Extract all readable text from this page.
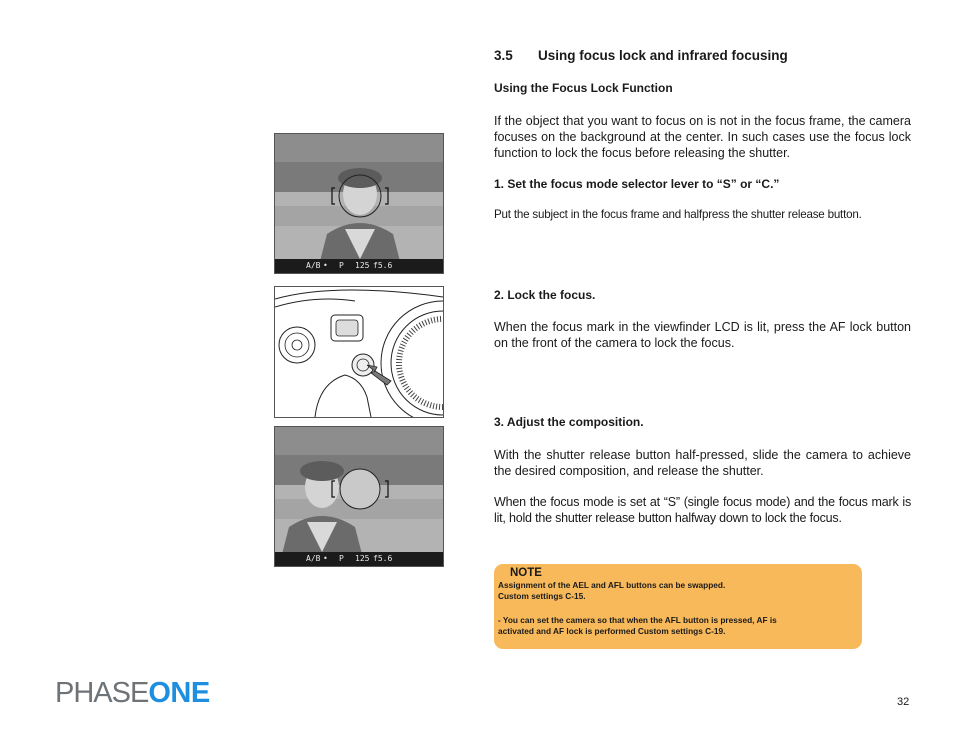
3.5 Using focus lock and infrared focusing
Using the Focus Lock Function
If the object that you want to focus on is not in the focus frame, the camera focuses on the background at the center. In such cases use the focus lock function to lock the focus before releasing the shutter.
1. Set the focus mode selector lever to “S” or “C.”
Put the subject in the focus frame and halfpress the shutter release button.
2. Lock the focus.
When the focus mark in the viewfinder LCD is lit, press the AF lock button on the front of the camera to lock the focus.
3. Adjust the composition.
With the shutter release button half-pressed, slide the camera to achieve the desired composition, and release the shutter.
When the focus mode is set at “S” (single focus mode) and the focus mark is lit, hold the shutter release button halfway down to lock the focus.
A/B • P 125 f5.6
A/B • P 125 f5.6
NOTE
Assignment of the AEL and AFL buttons can be swapped.
Custom settings C-15.
- You can set the camera so that when the AFL button is pressed, AF is
activated and AF lock is performed Custom settings C-19.
PHASEONE	32
